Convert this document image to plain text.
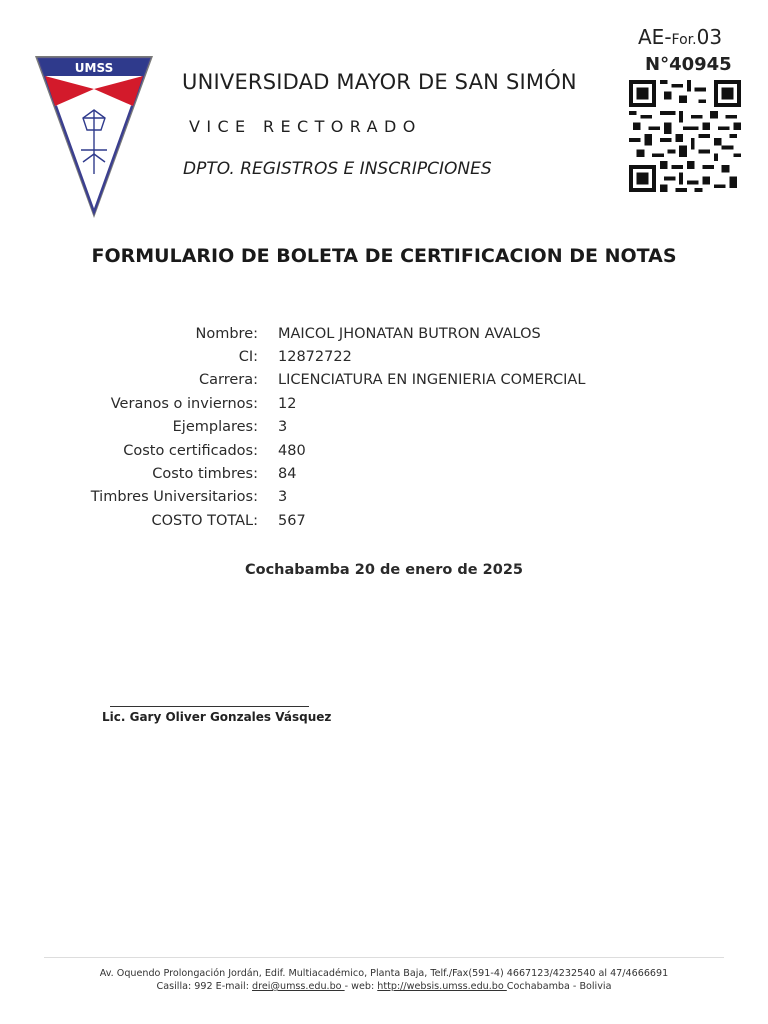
UMSS
UNIVERSIDAD MAYOR DE SAN SIMÓN
VICE RECTORADO
DPTO. REGISTROS E INSCRIPCIONES
AE-For.03
N°40945
FORMULARIO DE BOLETA DE CERTIFICACION DE NOTAS
Nombre: MAICOL JHONATAN BUTRON AVALOS
CI: 12872722
Carrera: LICENCIATURA EN INGENIERIA COMERCIAL
Veranos o inviernos: 12
Ejemplares: 3
Costo certificados: 480
Costo timbres: 84
Timbres Universitarios: 3
COSTO TOTAL: 567
Cochabamba 20 de enero de 2025
Lic. Gary Oliver Gonzales Vásquez
Av. Oquendo Prolongación Jordán, Edif. Multiacadémico, Planta Baja, Telf./Fax(591-4) 4667123/4232540 al 47/4666691
Casilla: 992 E-mail: drei@umss.edu.bo - web: http://websis.umss.edu.bo Cochabamba - Bolivia
